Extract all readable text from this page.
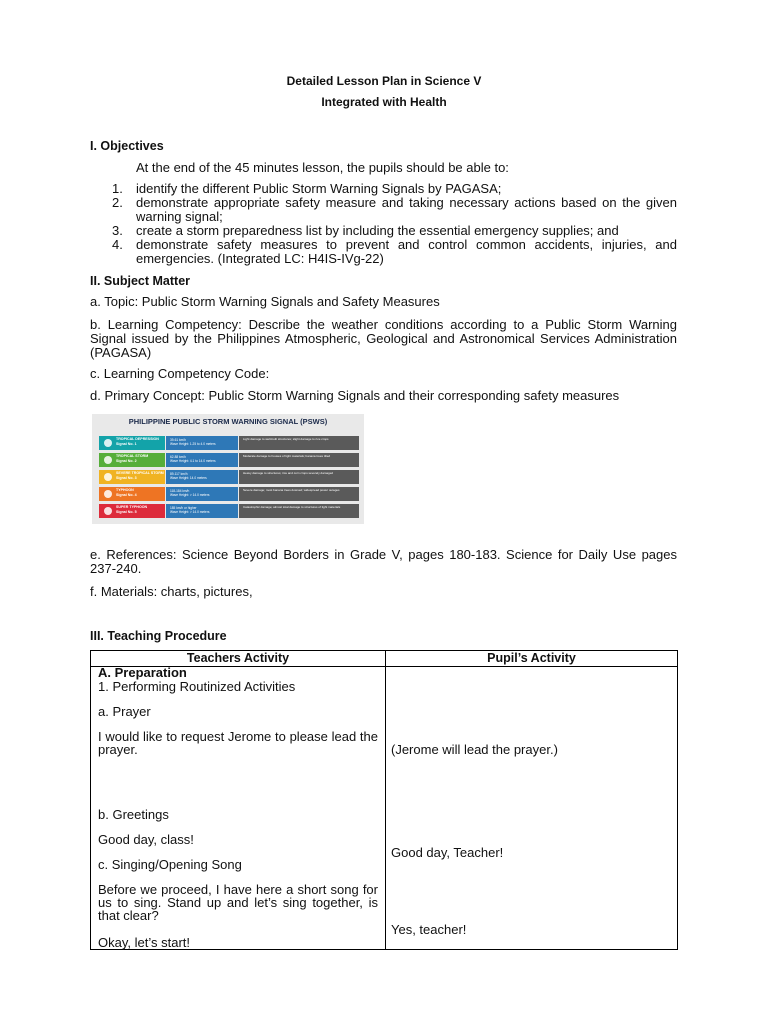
Detailed Lesson Plan in Science V
Integrated with Health
I. Objectives
At the end of the 45 minutes lesson, the pupils should be able to:
1. identify the different Public Storm Warning Signals by PAGASA;
2. demonstrate appropriate safety measure and taking necessary actions based on the given warning signal;
3. create a storm preparedness list by including the essential emergency supplies; and
4. demonstrate safety measures to prevent and control common accidents, injuries, and emergencies. (Integrated LC: H4IS-IVg-22)
II. Subject Matter
a. Topic: Public Storm Warning Signals and Safety Measures
b. Learning Competency: Describe the weather conditions according to a Public Storm Warning Signal issued by the Philippines Atmospheric, Geological and Astronomical Services Administration (PAGASA)
c. Learning Competency Code:
d. Primary Concept: Public Storm Warning Signals and their corresponding safety measures
PHILIPPINE PUBLIC STORM WARNING SIGNAL (PSWS)
TROPICAL DEPRESSION
Signal No. 1
39-61 km/h
Wave Height: 1.25 to 4.0 meters
Light damage to well-built structures; slight damage to rice crops
TROPICAL STORM
Signal No. 2
62-88 km/h
Wave Height: 4.1 to 14.0 meters
Moderate damage to houses of light materials; banana trees tilted
SEVERE TROPICAL STORM
Signal No. 3
89-117 km/h
Wave Height: 14.0 meters
Heavy damage to structures; rice and corn crops severely damaged
TYPHOON
Signal No. 4
118-184 km/h
Wave Height: > 14.0 meters
Severe damage; most banana trees downed; widespread power outages
SUPER TYPHOON
Signal No. 5
185 km/h or higher
Wave Height: > 14.0 meters
Catastrophic damage; almost total damage to structures of light materials
e. References: Science Beyond Borders in Grade V, pages 180-183. Science for Daily Use pages 237-240.
f. Materials: charts, pictures,
III. Teaching Procedure
Teachers Activity	Pupil’s Activity
A. Preparation
1. Performing Routinized Activities
a. Prayer
I would like to request Jerome to please lead the prayer.	(Jerome will lead the prayer.)
b. Greetings
Good day, class!
Good day, Teacher!
c. Singing/Opening Song
Before we proceed, I have here a short song for us to sing. Stand up and let’s sing together, is that clear?
Yes, teacher!
Okay, let’s start!
